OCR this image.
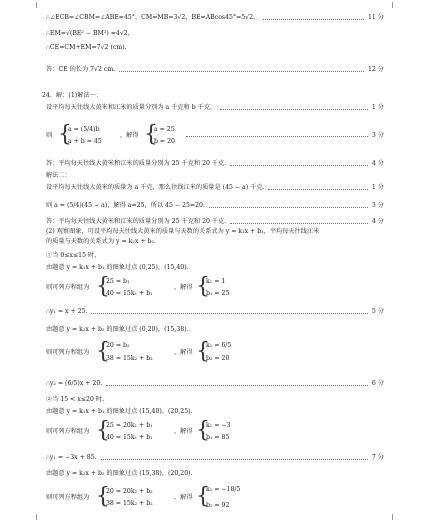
∴∠ECB=∠CBM=∠ABE=45°，CM=MB=3√2，BE=ABcos45°=5√2，	11 分
∴EM=√(BE² − BM²) =4√2，
∴CE=CM+EM=7√2 (cm).
答：CE 的长为 7√2 cm.	12 分
24．解：(1)解法一：
设平均每天往线大黄米和江米的质量分别为 a 千克和 b 千克，	1 分
则 {
a = (5/4)b
a + b = 45
，解得 {
a = 25
b = 20
3 分
答：平均每天往线大黄米和江米的质量分别为 25 千克和 20 千克.	4 分
解法二：
设平均每天往线大黄米的质量为 a 千克，那么往线江米的质量是 (45 − a) 千克.	1 分
则 a = (5/4)(45 − a)，解得 a=25，所以 45 − 25=20.	3 分
答：平均每天往线大黄米和江米的质量分别为 25 千克和 20 千克.	4 分
(2) 观察图象，可设平均每天往线大黄米的质量与天数的关系式为 y = k₁x + b₁，平均每天往线江米
的质量与天数的关系式为 y = k₂x + b₂.
①当 0≤x≤15 时，
由题意 y = k₁x + b₁ 的图象过点 (0,25)，(15,40).
则可列方程组为 {
25 = b₁
40 = 15k₁ + b₁
，解得 {
k₁ = 1
b₁ = 25
∴y₁ = x + 25.	5 分
由题意 y = k₂x + b₂ 的图象过点 (0,20)，(15,38).
则可列方程组为 {
20 = b₂
38 = 15k₂ + b₂
，解得 {
k₂ = 6/5
b₂ = 20
∴y₂ = (6/5)x + 20.	6 分
②当 15 < x≤20 时，
由题意 y = k₁x + b₁ 的图象过点 (15,40)，(20,25).
则可列方程组为 {
25 = 20k₁ + b₁
40 = 15k₁ + b₁
，解得 {
k₁ = −3
b₁ = 85
∴y₁ = −3x + 85.	7 分
由题意 y = k₂x + b₂ 的图象过点 (15,38)，(20,20).
则可列方程组为 {
20 = 20k₂ + b₂
38 = 15k₂ + b₂
，解得 {
k₂ = −18/5
b₂ = 92
